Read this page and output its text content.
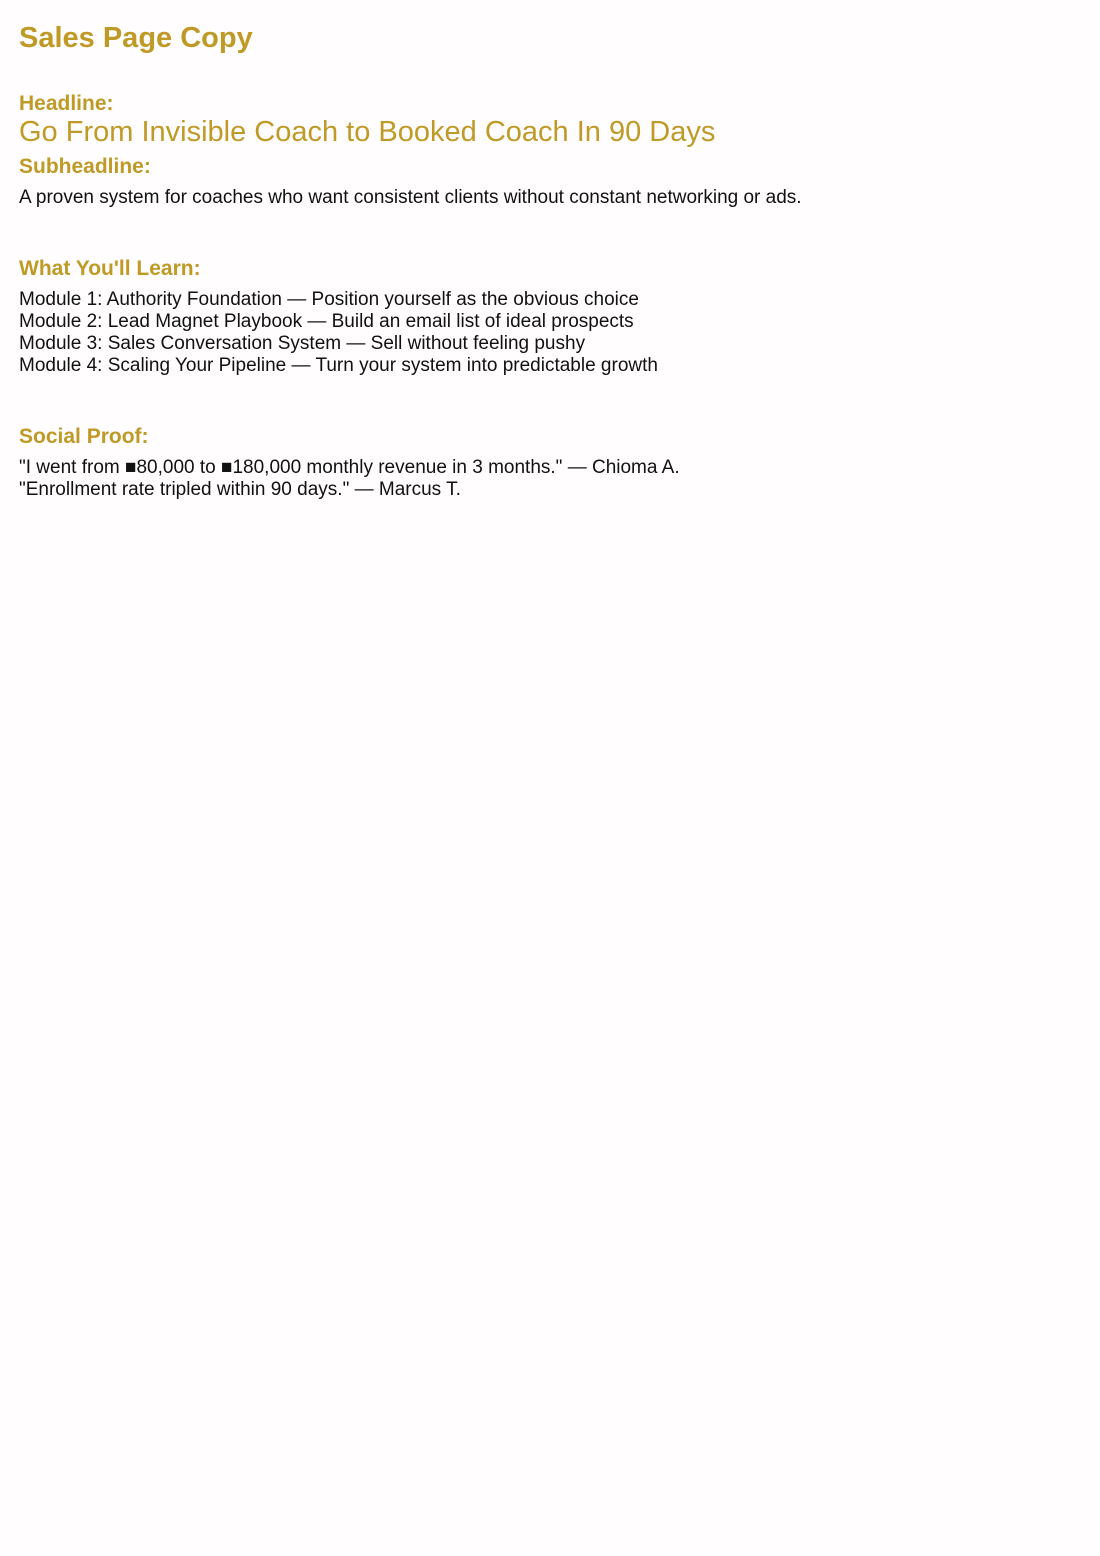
Sales Page Copy
Headline:

Go From Invisible Coach to Booked Coach In 90 Days

Subheadline:

A proven system for coaches who want consistent clients without constant networking or ads.

What You'll Learn:
Module 1: Authority Foundation — Position yourself as the obvious choice
Module 2: Lead Magnet Playbook — Build an email list of ideal prospects
Module 3: Sales Conversation System — Sell without feeling pushy
Module 4: Scaling Your Pipeline — Turn your system into predictable growth
Social Proof:
"I went from ■80,000 to ■180,000 monthly revenue in 3 months." — Chioma A.
"Enrollment rate tripled within 90 days." — Marcus T.
